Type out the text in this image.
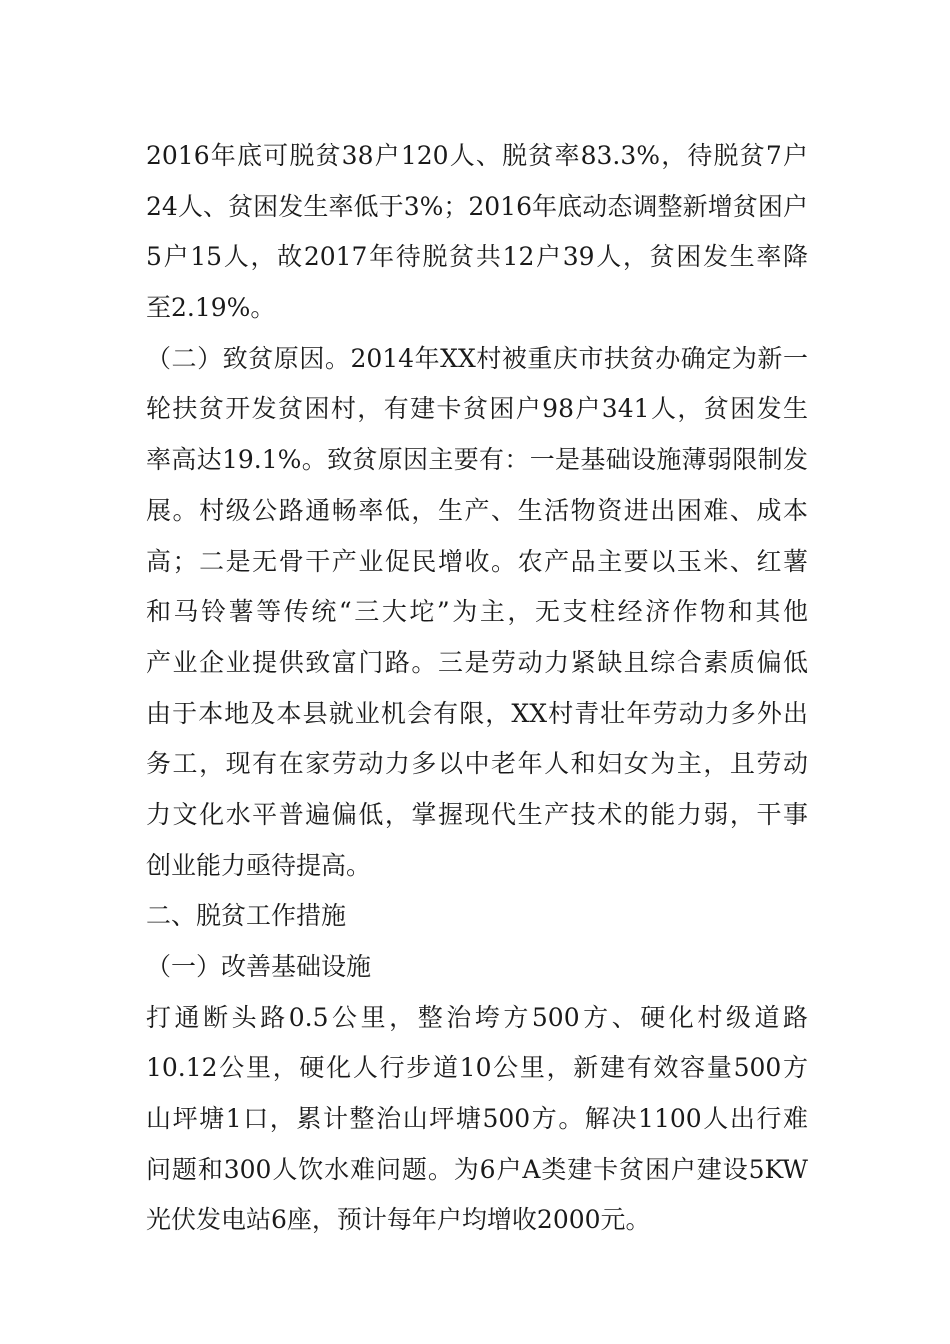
2016年底可脱贫38户120人、脱贫率83.3%，待脱贫7户
24人、贫困发生率低于3%；2016年底动态调整新增贫困户
5户15人，故2017年待脱贫共12户39人，贫困发生率降
至2.19%。
（二）致贫原因。2014年XX村被重庆市扶贫办确定为新一
轮扶贫开发贫困村，有建卡贫困户98户341人，贫困发生
率高达19.1%。致贫原因主要有：一是基础设施薄弱限制发
展。村级公路通畅率低，生产、生活物资进出困难、成本
高；二是无骨干产业促民增收。农产品主要以玉米、红薯
和马铃薯等传统“三大坨”为主，无支柱经济作物和其他
产业企业提供致富门路。三是劳动力紧缺且综合素质偏低
由于本地及本县就业机会有限，XX村青壮年劳动力多外出
务工，现有在家劳动力多以中老年人和妇女为主，且劳动
力文化水平普遍偏低，掌握现代生产技术的能力弱，干事
创业能力亟待提高。
二、脱贫工作措施
（一）改善基础设施
打通断头路0.5公里，整治垮方500方、硬化村级道路
10.12公里，硬化人行步道10公里，新建有效容量500方
山坪塘1口，累计整治山坪塘500方。解决1100人出行难
问题和300人饮水难问题。为6户A类建卡贫困户建设5KW
光伏发电站6座，预计每年户均增收2000元。
